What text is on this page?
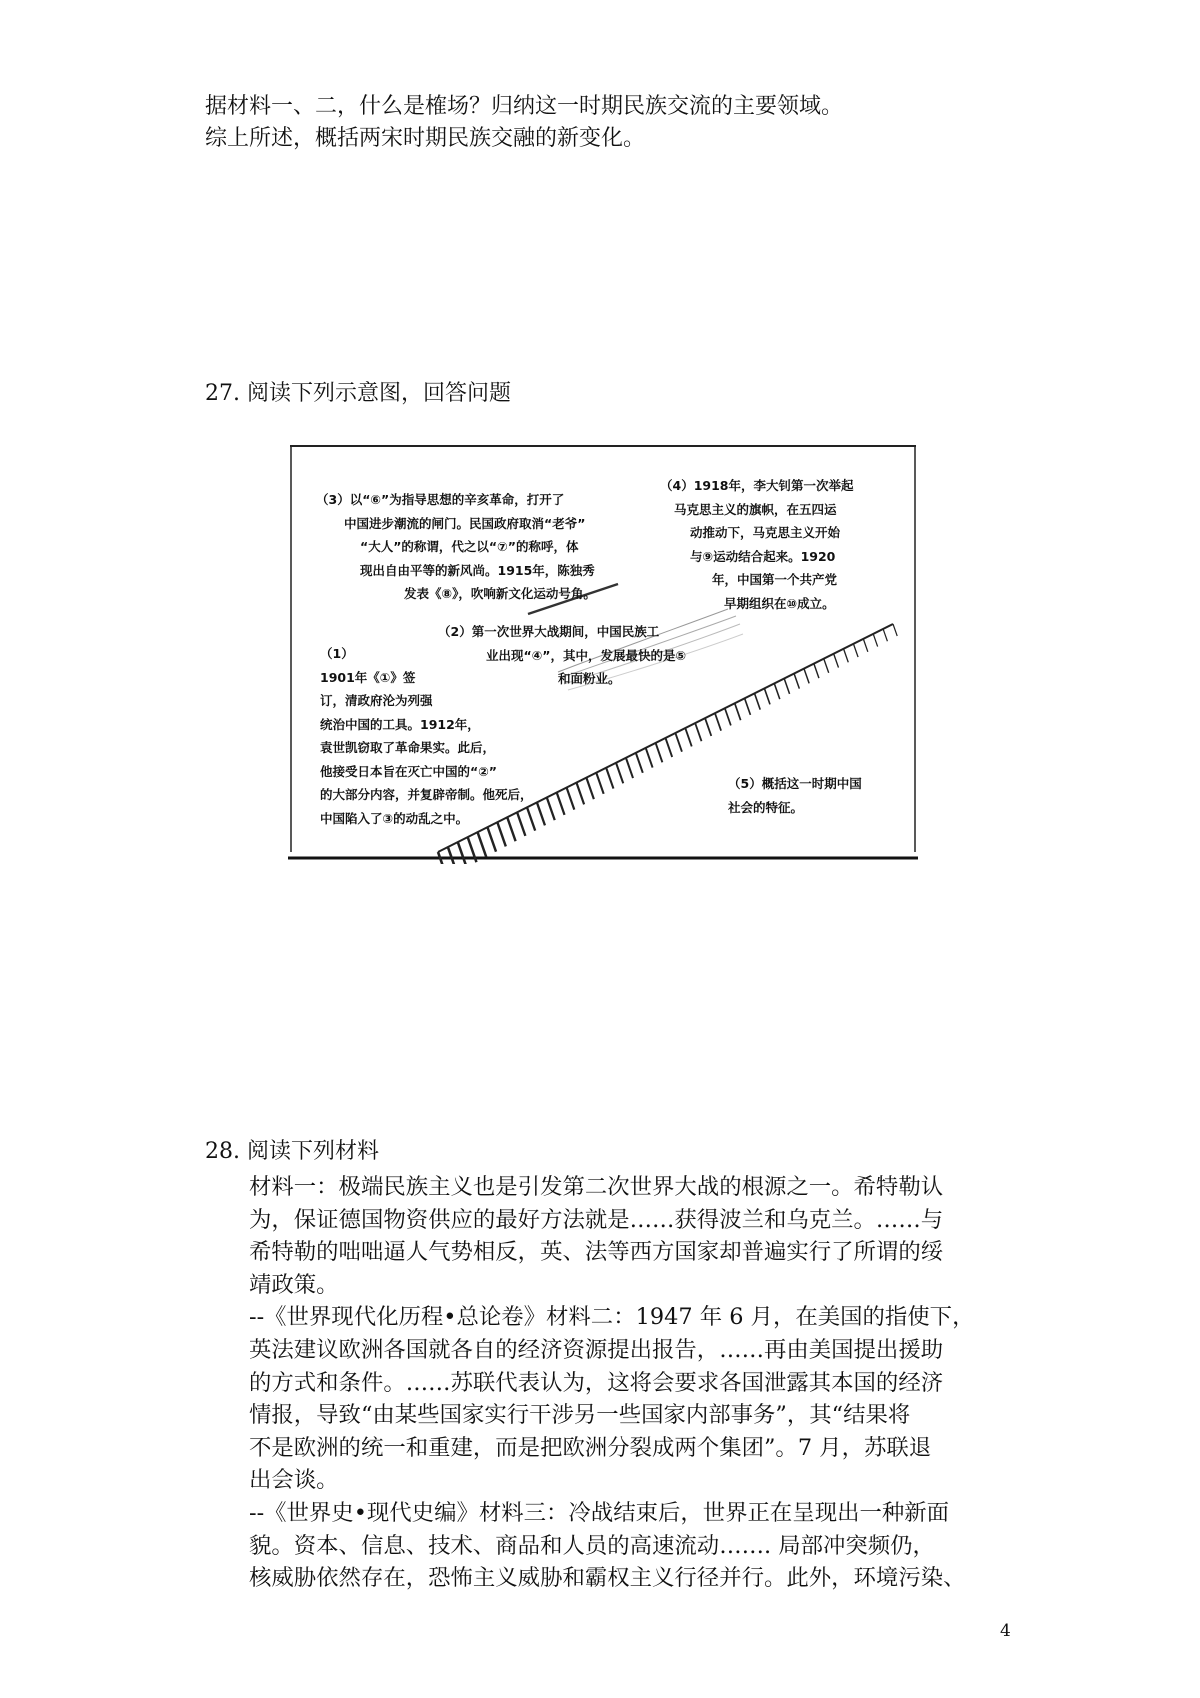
据材料一、二，什么是榷场？归纳这一时期民族交流的主要领域。
综上所述，概括两宋时期民族交融的新变化。
27. 阅读下列示意图，回答问题
（3）以“⑥”为指导思想的辛亥革命，打开了
中国进步潮流的闸门。民国政府取消“老爷”
“大人”的称谓，代之以“⑦”的称呼，体
现出自由平等的新风尚。1915年，陈独秀
发表《⑧》，吹响新文化运动号角。
（4）1918年，李大钊第一次举起
马克思主义的旗帜，在五四运
动推动下，马克思主义开始
与⑨运动结合起来。1920
年，中国第一个共产党
早期组织在⑩成立。
（2）第一次世界大战期间，中国民族工
业出现“④”，其中，发展最快的是⑤
和面粉业。
（1）
1901年《①》签
订，清政府沦为列强
统治中国的工具。1912年，
袁世凯窃取了革命果实。此后，
他接受日本旨在灭亡中国的“②”
的大部分内容，并复辟帝制。他死后，
中国陷入了③的动乱之中。
（5）概括这一时期中国
社会的特征。
28. 阅读下列材料
材料一：极端民族主义也是引发第二次世界大战的根源之一。希特勒认
为，保证德国物资供应的最好方法就是……获得波兰和乌克兰。……与
希特勒的咄咄逼人气势相反，英、法等西方国家却普遍实行了所谓的绥
靖政策。
--《世界现代化历程•总论卷》材料二：1947 年 6 月，在美国的指使下，
英法建议欧洲各国就各自的经济资源提出报告，……再由美国提出援助
的方式和条件。……苏联代表认为，这将会要求各国泄露其本国的经济
情报，导致“由某些国家实行干涉另一些国家内部事务”，其“结果将
不是欧洲的统一和重建，而是把欧洲分裂成两个集团”。7 月，苏联退
出会谈。
--《世界史•现代史编》材料三：冷战结束后，世界正在呈现出一种新面
貌。资本、信息、技术、商品和人员的高速流动……. 局部冲突频仍，
核威胁依然存在，恐怖主义威胁和霸权主义行径并行。此外，环境污染、
4
